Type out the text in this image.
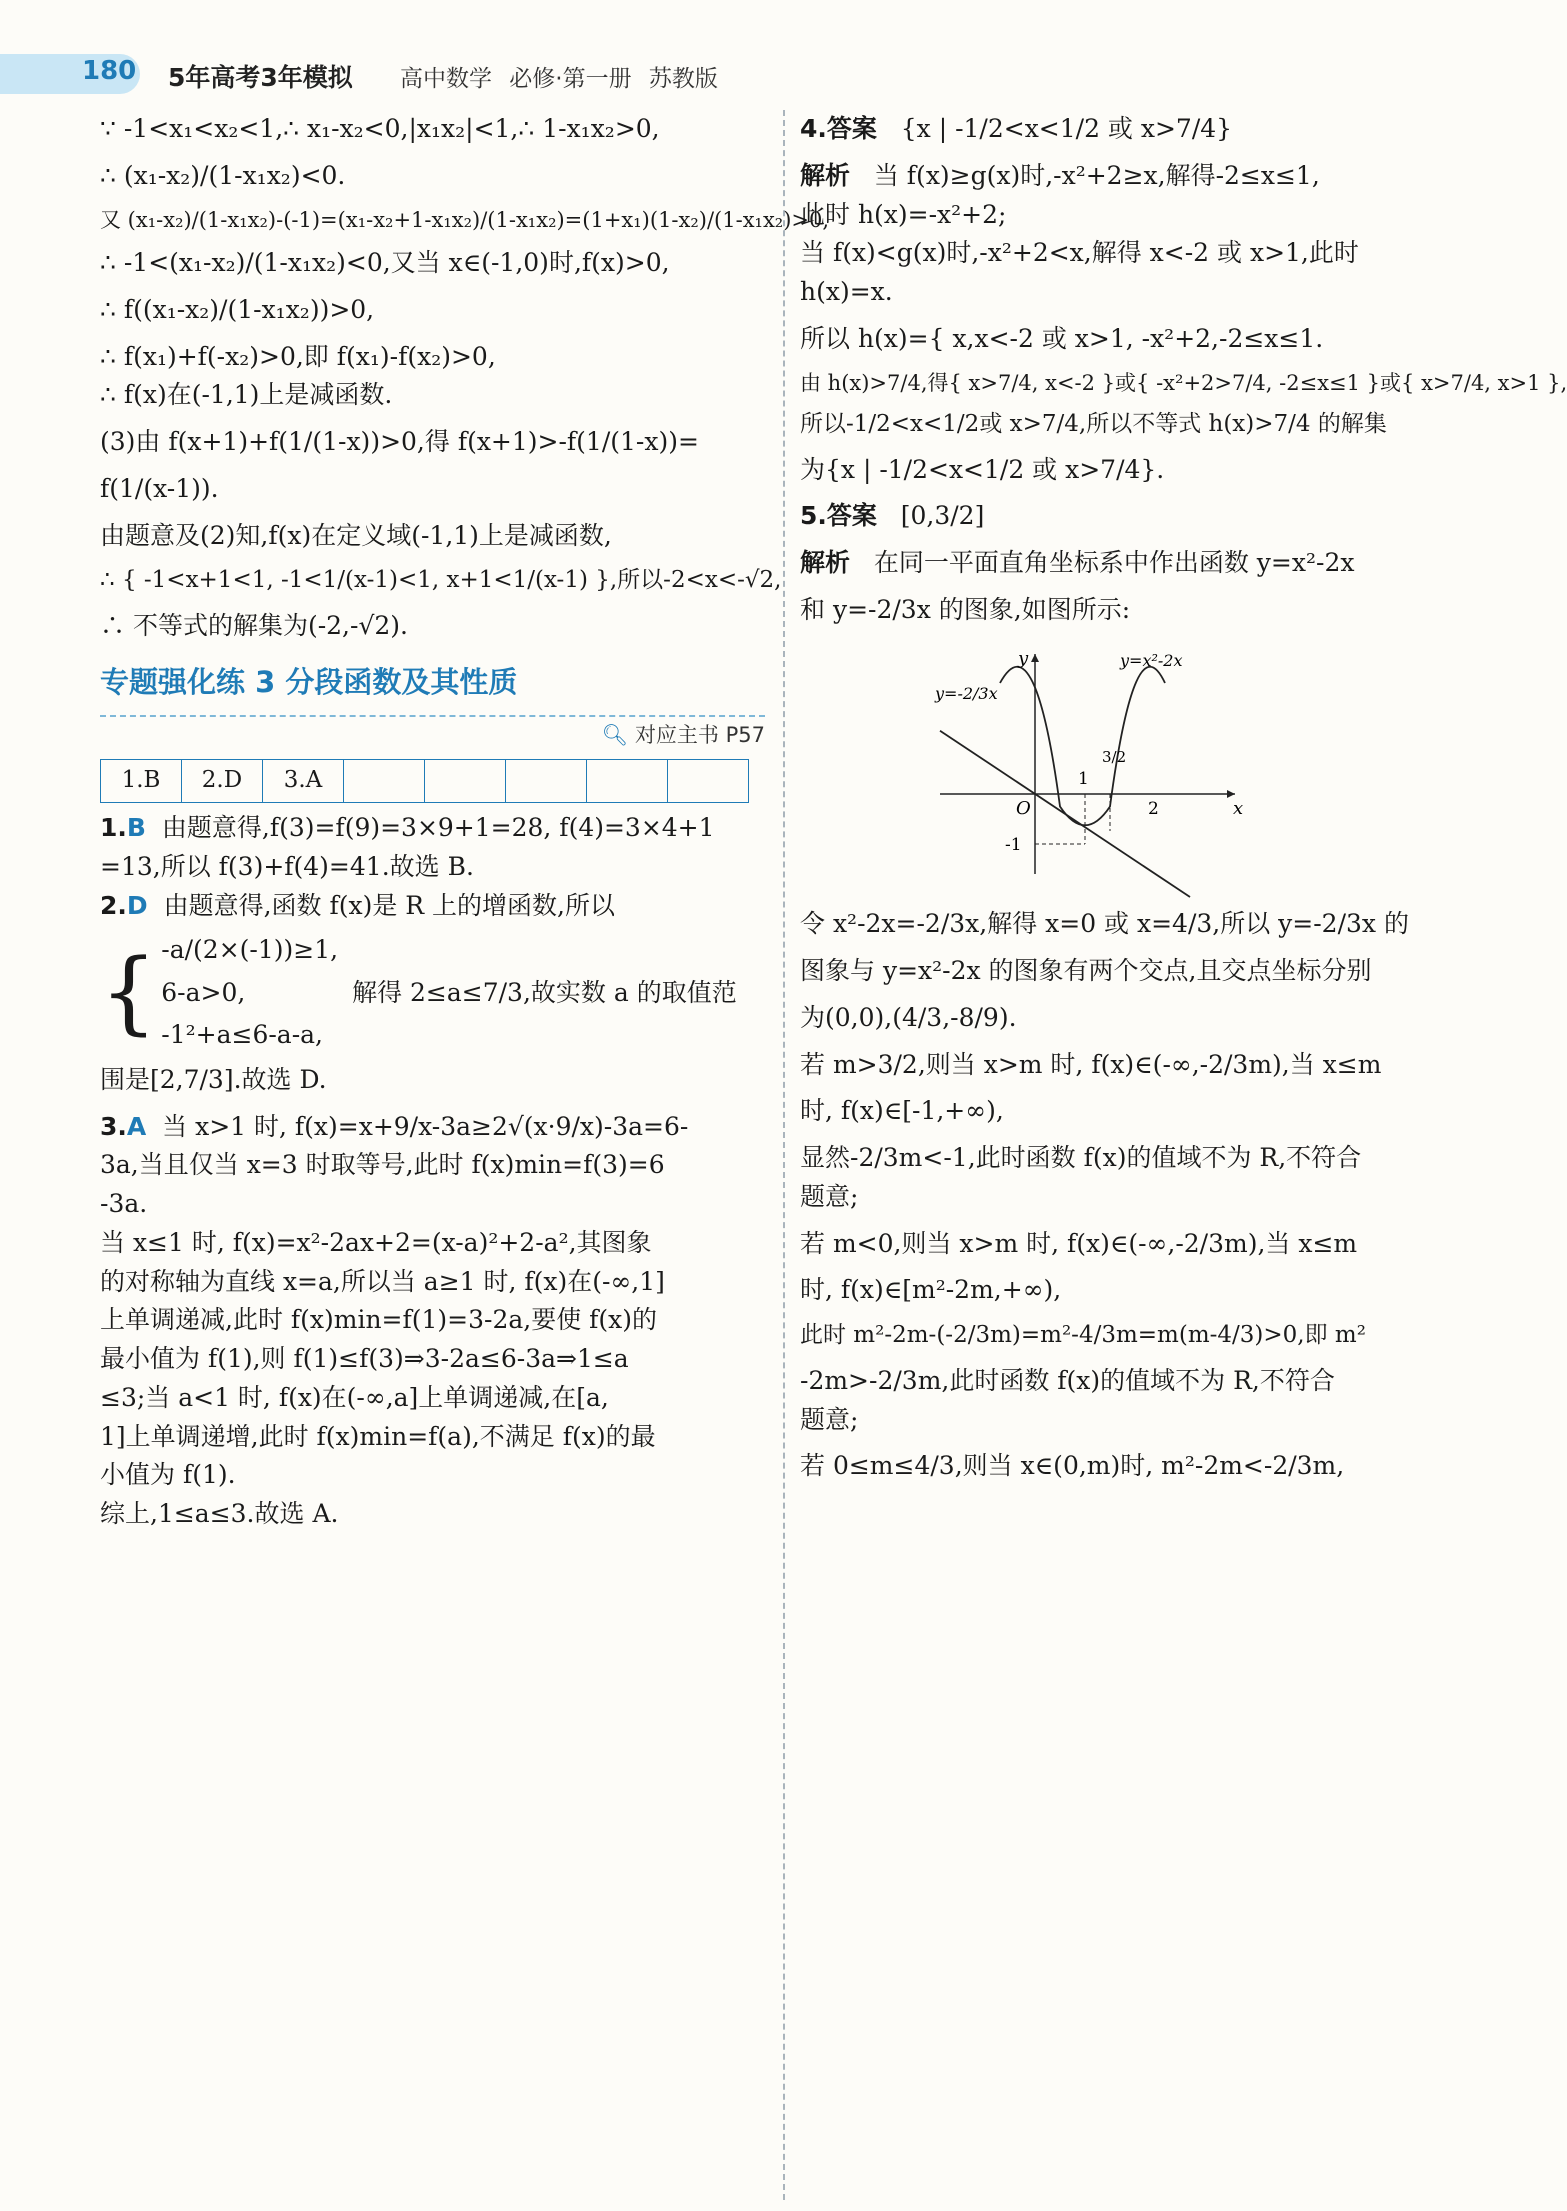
180 5年高考3年模拟 高中数学 必修·第一册 苏教版
∵ -1<x₁<x₂<1,∴ x₁-x₂<0,|x₁x₂|<1,∴ 1-x₁x₂>0,
∴ (x₁-x₂)/(1-x₁x₂)<0.
又 (x₁-x₂)/(1-x₁x₂)-(-1)=(x₁-x₂+1-x₁x₂)/(1-x₁x₂)=(1+x₁)(1-x₂)/(1-x₁x₂)>0,
∴ -1<(x₁-x₂)/(1-x₁x₂)<0,又当 x∈(-1,0)时,f(x)>0,
∴ f((x₁-x₂)/(1-x₁x₂))>0,
∴ f(x₁)+f(-x₂)>0,即 f(x₁)-f(x₂)>0,
∴ f(x)在(-1,1)上是减函数.
(3)由 f(x+1)+f(1/(1-x))>0,得 f(x+1)>-f(1/(1-x))=
f(1/(x-1)).
由题意及(2)知,f(x)在定义域(-1,1)上是减函数,
∴ { -1<x+1<1, -1<1/(x-1)<1, x+1<1/(x-1) },所以-2<x<-√2,
∴ 不等式的解集为(-2,-√2).
专题强化练 3 分段函数及其性质
🔍︎ 对应主书 P57
1.B	2.D	3.A					
1.B 由题意得,f(3)=f(9)=3×9+1=28, f(4)=3×4+1
=13,所以 f(3)+f(4)=41.故选 B.
2.D 由题意得,函数 f(x)是 R 上的增函数,所以
{ -a/(2×(-1))≥1,
6-a>0,
-1²+a≤6-a-a,
解得 2≤a≤7/3,故实数 a 的取值范
围是[2,7/3].故选 D.
3.A 当 x>1 时, f(x)=x+9/x-3a≥2√(x·9/x)-3a=6-
3a,当且仅当 x=3 时取等号,此时 f(x)min=f(3)=6
-3a.
当 x≤1 时, f(x)=x²-2ax+2=(x-a)²+2-a²,其图象
的对称轴为直线 x=a,所以当 a≥1 时, f(x)在(-∞,1]
上单调递减,此时 f(x)min=f(1)=3-2a,要使 f(x)的
最小值为 f(1),则 f(1)≤f(3)⇒3-2a≤6-3a⇒1≤a
≤3;当 a<1 时, f(x)在(-∞,a]上单调递减,在[a,
1]上单调递增,此时 f(x)min=f(a),不满足 f(x)的最
小值为 f(1).
综上,1≤a≤3.故选 A.
4.答案 {x | -1/2<x<1/2 或 x>7/4}
解析 当 f(x)≥g(x)时,-x²+2≥x,解得-2≤x≤1,
此时 h(x)=-x²+2;
当 f(x)<g(x)时,-x²+2<x,解得 x<-2 或 x>1,此时
h(x)=x.
所以 h(x)={ x,x<-2 或 x>1, -x²+2,-2≤x≤1.
由 h(x)>7/4,得{ x>7/4, x<-2 }或{ -x²+2>7/4, -2≤x≤1 }或{ x>7/4, x>1 },
所以-1/2<x<1/2或 x>7/4,所以不等式 h(x)>7/4 的解集
为{x | -1/2<x<1/2 或 x>7/4}.
5.答案 [0,3/2]
解析 在同一平面直角坐标系中作出函数 y=x²-2x
和 y=-2/3x 的图象,如图所示:
x
y
O
1
3/2
2
-1
y=-2/3x
y=x²-2x
令 x²-2x=-2/3x,解得 x=0 或 x=4/3,所以 y=-2/3x 的
图象与 y=x²-2x 的图象有两个交点,且交点坐标分别
为(0,0),(4/3,-8/9).
若 m>3/2,则当 x>m 时, f(x)∈(-∞,-2/3m),当 x≤m
时, f(x)∈[-1,+∞),
显然-2/3m<-1,此时函数 f(x)的值域不为 R,不符合
题意;
若 m<0,则当 x>m 时, f(x)∈(-∞,-2/3m),当 x≤m
时, f(x)∈[m²-2m,+∞),
此时 m²-2m-(-2/3m)=m²-4/3m=m(m-4/3)>0,即 m²
-2m>-2/3m,此时函数 f(x)的值域不为 R,不符合
题意;
若 0≤m≤4/3,则当 x∈(0,m)时, m²-2m<-2/3m,
